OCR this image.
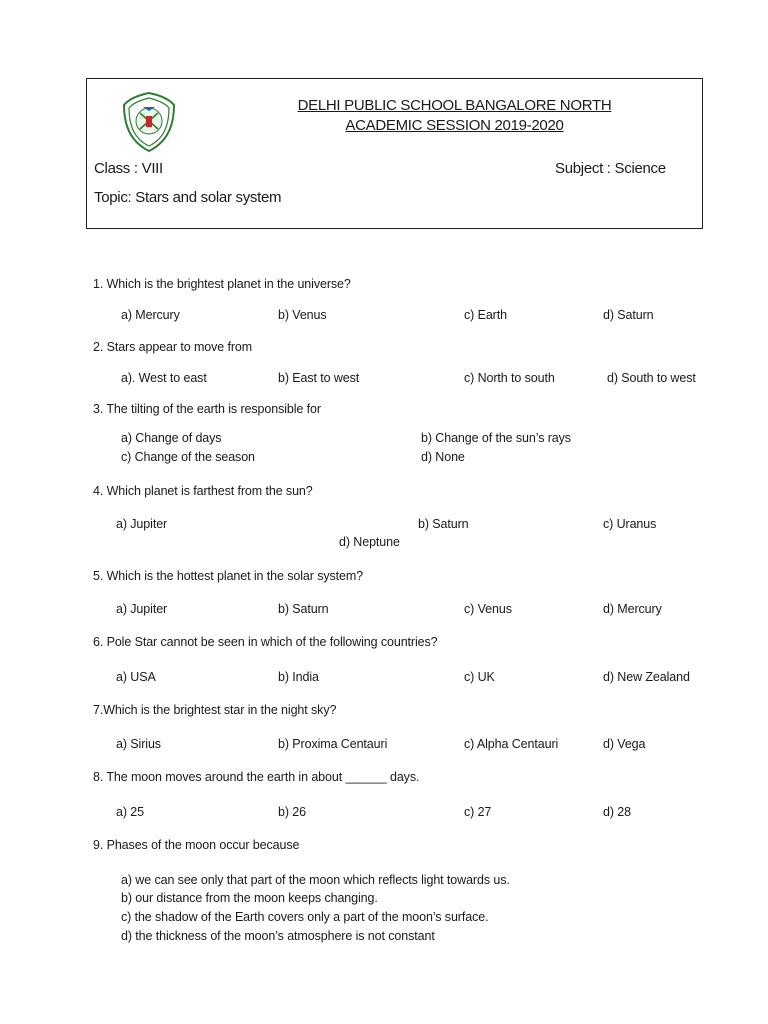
DELHI PUBLIC SCHOOL BANGALORE NORTH
ACADEMIC SESSION 2019-2020
Class : VIII	Subject : Science
Topic: Stars and solar system
1. Which is the brightest planet in the universe?
a) Mercury	b) Venus	c) Earth	d) Saturn
2. Stars appear to move from
a). West to east	b) East to west	c) North to south	d) South to west
3. The tilting of the earth is responsible for
a) Change of days	b) Change of the sun’s rays
c) Change of the season	d) None
4. Which planet is farthest from the sun?
a) Jupiter	b) Saturn	c) Uranus
d) Neptune
5. Which is the hottest planet in the solar system?
a) Jupiter	b) Saturn	c) Venus	d) Mercury
6. Pole Star cannot be seen in which of the following countries?
a) USA	b) India	c) UK	d) New Zealand
7.Which is the brightest star in the night sky?
a) Sirius	b) Proxima Centauri	c) Alpha Centauri	d) Vega
8. The moon moves around the earth in about ______ days.
a) 25	b) 26	c) 27	d) 28
9. Phases of the moon occur because
a) we can see only that part of the moon which reflects light towards us.
b) our distance from the moon keeps changing.
c) the shadow of the Earth covers only a part of the moon’s surface.
d) the thickness of the moon’s atmosphere is not constant
